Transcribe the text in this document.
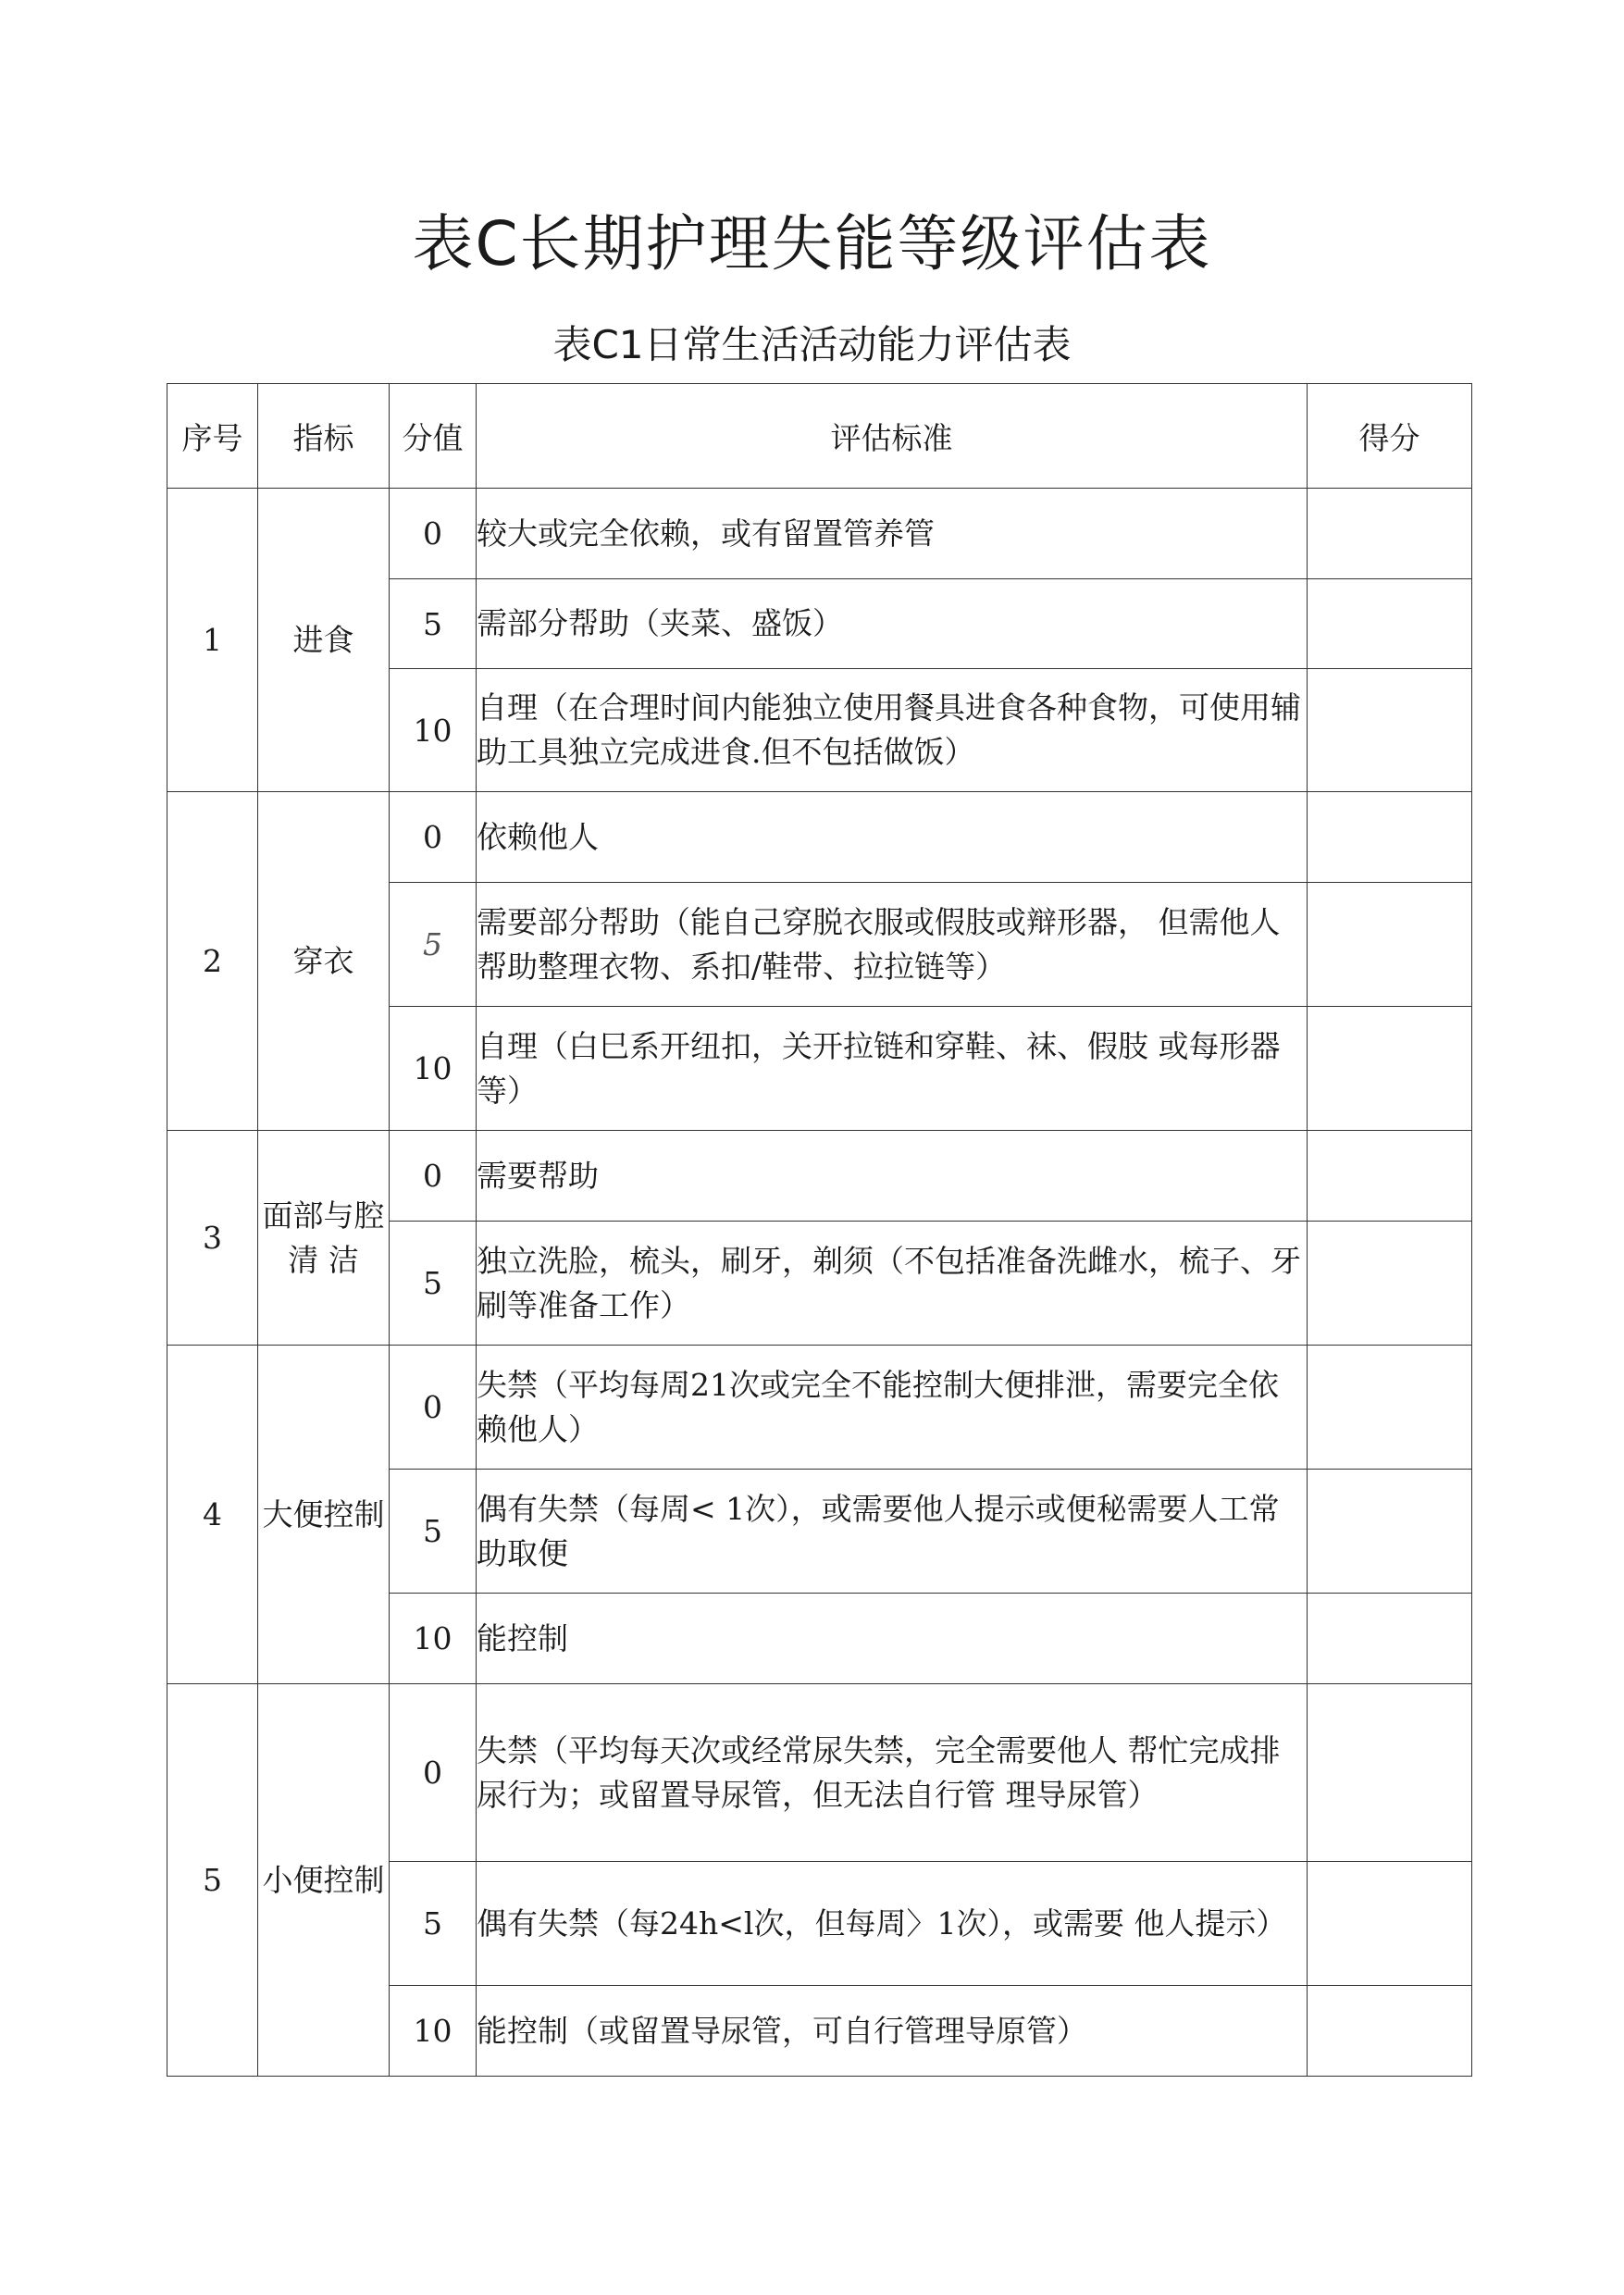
表C长期护理失能等级评估表
表C1日常生活活动能力评估表
序号	指标	分值	评估标准	得分
1	进食	0	较大或完全依赖，或有留置管养管	
		5	需部分帮助（夹菜、盛饭）	
		10	自理（在合理时间内能独立使用餐具进食各种食物，可使用辅助工具独立完成进食.但不包括做饭）	
2	穿衣	0	依赖他人	
		5	需要部分帮助（能自己穿脱衣服或假肢或辩形器， 但需他人帮助整理衣物、系扣/鞋带、拉拉链等）	
		10	自理（白巳系开纽扣，关开拉链和穿鞋、袜、假肢 或每形器等）	
3	面部与腔清 洁	0	需要帮助	
		5	独立洗脸，梳头，刷牙，剃须（不包括准备洗雌水，梳子、牙刷等准备工作）	
4	大便控制	0	失禁（平均每周21次或完全不能控制大便排泄，需要完全依赖他人）	
		5	偶有失禁（每周< 1次），或需要他人提示或便秘需要人工常助取便	
		10	能控制	
5	小便控制	0	失禁（平均每天次或经常尿失禁，完全需要他人 帮忙完成排尿行为；或留置导尿管，但无法自行管 理导尿管）	
		5	偶有失禁（每24h<l次，但每周〉1次），或需要 他人提示）	
		10	能控制（或留置导尿管，可自行管理导原管）	
